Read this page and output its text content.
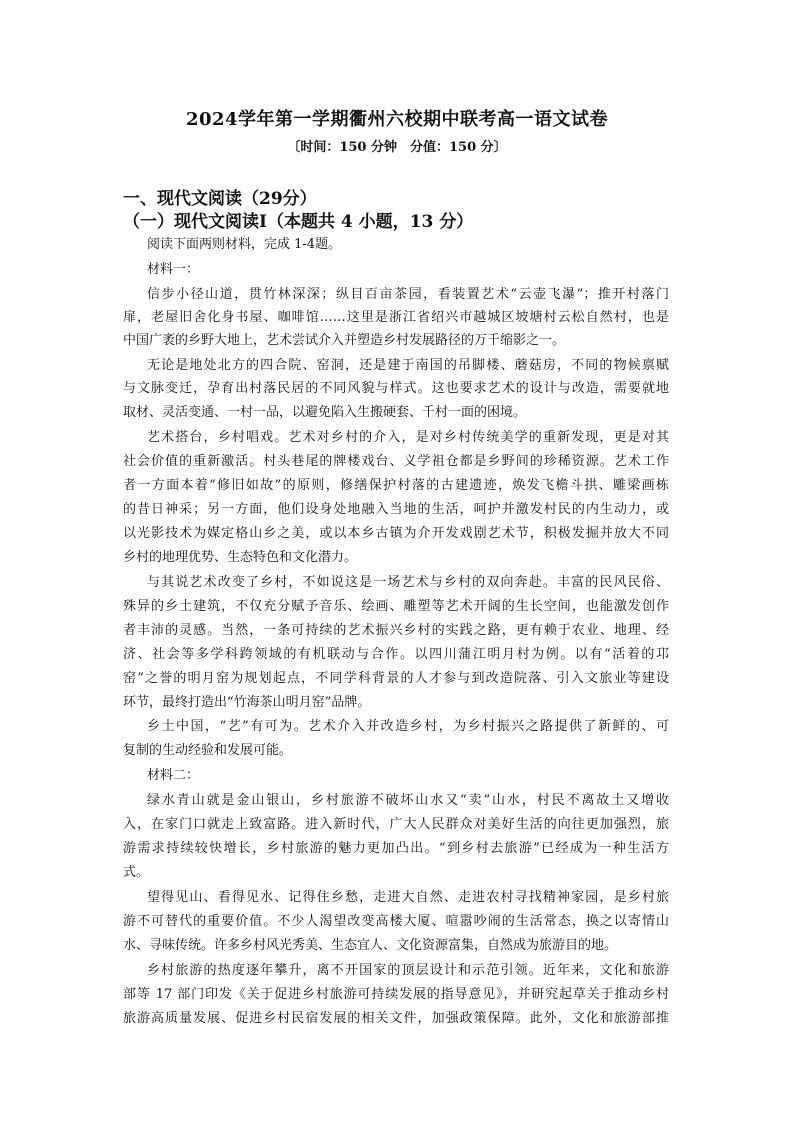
2024学年第一学期衢州六校期中联考高一语文试卷
〔时间：150 分钟　分值：150 分〕
一、现代文阅读（29分）
（一）现代文阅读Ⅰ（本题共 4 小题，13 分）
阅读下面两则材料，完成 1-4题。
材料一：
信步小径山道，贯竹林深深；纵目百亩茶园，看装置艺术“云壶飞瀑”；推开村落门
扉，老屋旧舍化身书屋、咖啡馆……这里是浙江省绍兴市越城区坡塘村云松自然村，也是
中国广袤的乡野大地上，艺术尝试介入并塑造乡村发展路径的万千缩影之一。
无论是地处北方的四合院、窑洞，还是建于南国的吊脚楼、蘑菇房，不同的物候禀赋
与文脉变迁，孕育出村落民居的不同风貌与样式。这也要求艺术的设计与改造，需要就地
取材、灵活变通、一村一品，以避免陷入生搬硬套、千村一面的困境。
艺术搭台，乡村唱戏。艺术对乡村的介入，是对乡村传统美学的重新发现，更是对其
社会价值的重新激活。村头巷尾的牌楼戏台、义学祖仓都是乡野间的珍稀资源。艺术工作
者一方面本着“修旧如故”的原则，修缮保护村落的古建遗迹，焕发飞檐斗拱、雕梁画栋
的昔日神采；另一方面，他们设身处地融入当地的生活，呵护并激发村民的内生动力，或
以光影技术为媒定格山乡之美，或以本乡古镇为介开发戏剧艺术节，积极发掘并放大不同
乡村的地理优势、生态特色和文化潜力。
与其说艺术改变了乡村，不如说这是一场艺术与乡村的双向奔赴。丰富的民风民俗、
殊异的乡土建筑，不仅充分赋予音乐、绘画、雕塑等艺术开阔的生长空间，也能激发创作
者丰沛的灵感。当然，一条可持续的艺术振兴乡村的实践之路，更有赖于农业、地理、经
济、社会等多学科跨领域的有机联动与合作。以四川蒲江明月村为例。以有“活着的邛
窑”之誉的明月窑为规划起点，不同学科背景的人才参与到改造院落、引入文旅业等建设
环节，最终打造出“竹海茶山明月窑”品牌。
乡土中国，“艺”有可为。艺术介入并改造乡村，为乡村振兴之路提供了新鲜的、可
复制的生动经验和发展可能。
材料二：
绿水青山就是金山银山，乡村旅游不破坏山水又“卖”山水，村民不离故土又增收
入，在家门口就走上致富路。进入新时代，广大人民群众对美好生活的向往更加强烈，旅
游需求持续较快增长，乡村旅游的魅力更加凸出。“到乡村去旅游”已经成为一种生活方
式。
望得见山、看得见水、记得住乡愁，走进大自然、走进农村寻找精神家园，是乡村旅
游不可替代的重要价值。不少人渴望改变高楼大厦、喧嚣吵闹的生活常态，换之以寄情山
水、寻味传统。许多乡村风光秀美、生态宜人、文化资源富集，自然成为旅游目的地。
乡村旅游的热度逐年攀升，离不开国家的顶层设计和示范引领。近年来，文化和旅游
部等 17 部门印发《关于促进乡村旅游可持续发展的指导意见》，并研究起草关于推动乡村
旅游高质量发展、促进乡村民宿发展的相关文件，加强政策保障。此外，文化和旅游部推
